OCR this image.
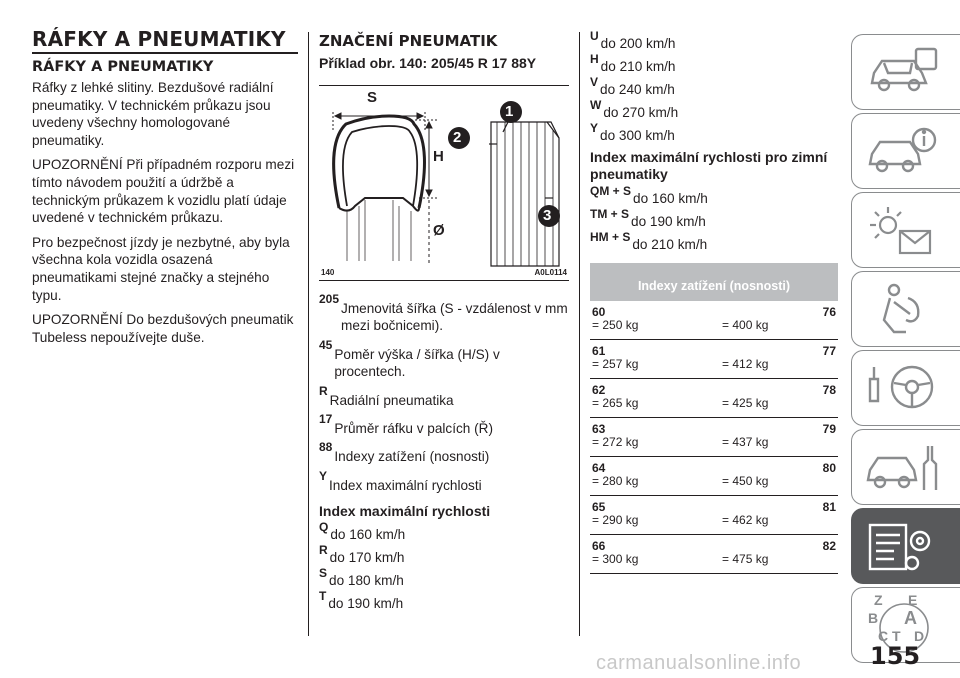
RÁFKY A PNEUMATIKY
RÁFKY A PNEUMATIKY

Ráfky z lehké slitiny. Bezdušové radiální pneumatiky. V technickém průkazu jsou uvedeny všechny homologované pneumatiky.

UPOZORNĚNÍ Při případném rozporu mezi tímto návodem použití a údržbě a technickým průkazem k vozidlu platí údaje uvedené v technickém průkazu.

Pro bezpečnost jízdy je nezbytné, aby byla všechna kola vozidla osazená pneumatikami stejné značky a stejného typu.

UPOZORNĚNÍ Do bezdušových pneumatik Tubeless nepoužívejte duše.

ZNAČENÍ PNEUMATIK
Příklad obr. 140: 205/45 R 17 88Y
S
H
Ø
1
2
3
140	A0L0114
205
Jmenovitá šířka (S - vzdálenost v mm mezi bočnicemi).
45
Poměr výška / šířka (H/S) v procentech.
R
Radiální pneumatika
17
Průměr ráfku v palcích (Ř)
88
Indexy zatížení (nosnosti)
Y
Index maximální rychlosti
Index maximální rychlosti
Q do 160 km/h
R do 170 km/h
S do 180 km/h
T do 190 km/h
U do 200 km/h
H do 210 km/h
V do 240 km/h
W do 270 km/h
Y do 300 km/h
Index maximální rychlosti pro zimní pneumatiky
QM + S do 160 km/h
TM + S do 190 km/h
HM + S do 210 km/h
Indexy zatížení (nosnosti)
60	76
= 250 kg	= 400 kg
61	77
= 257 kg	= 412 kg
62	78
= 265 kg	= 425 kg
63	79
= 272 kg	= 437 kg
64	80
= 280 kg	= 450 kg
65	81
= 290 kg	= 462 kg
66	82
= 300 kg	= 475 kg
Z E
A
B
C T D
155
carmanualsonline.info
